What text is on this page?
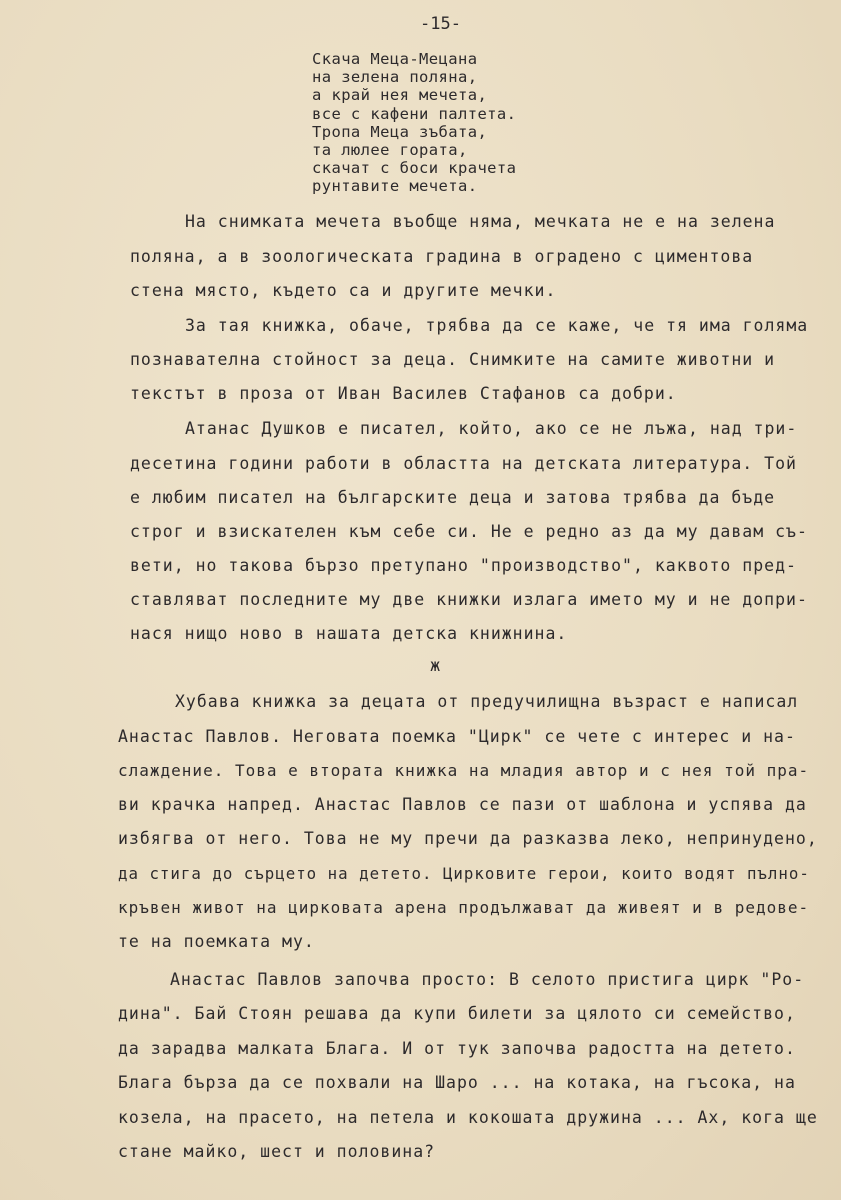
-15-
Скача Меца-Мецана
на зелена поляна,
а край нея мечета,
все с кафени палтета.
Тропа Меца зъбата,
та люлее гората,
скачат с боси крачета
рунтавите мечета.
На снимката мечета въобще няма, мечката не е на зелена
поляна, а в зоологическата градина в оградено с циментова
стена място, където са и другите мечки.
За тая книжка, обаче, трябва да се каже, че тя има голяма
познавателна стойност за деца. Снимките на самите животни и
текстът в проза от Иван Василев Стафанов са добри.
Атанас Душков е писател, който, ако се не лъжа, над три-
десетина години работи в областта на детската литература. Той
е любим писател на българските деца и затова трябва да бъде
строг и взискателен към себе си. Не е редно аз да му давам съ-
вети, но такова бързо претупано "производство", каквото пред-
ставляват последните му две книжки излага името му и не допри-
нася нищо ново в нашата детска книжнина.
ж
Хубава книжка за децата от предучилищна възраст е написал
Анастас Павлов. Неговата поемка "Цирк" се чете с интерес и на-
слаждение. Това е втората книжка на младия автор и с нея той пра-
ви крачка напред. Анастас Павлов се пази от шаблона и успява да
избягва от него. Това не му пречи да разказва леко, непринудено,
да стига до сърцето на детето. Цирковите герои, които водят пълно-
кръвен живот на цирковата арена продължават да живеят и в редове-
те на поемката му.
Анастас Павлов започва просто: В селото пристига цирк "Ро-
дина". Бай Стоян решава да купи билети за цялото си семейство,
да зарадва малката Блага. И от тук започва радостта на детето.
Блага бърза да се похвали на Шаро ... на котака, на гъсока, на
козела, на прасето, на петела и кокошата дружина ... Ах, кога ще
стане майко, шест и половина?
